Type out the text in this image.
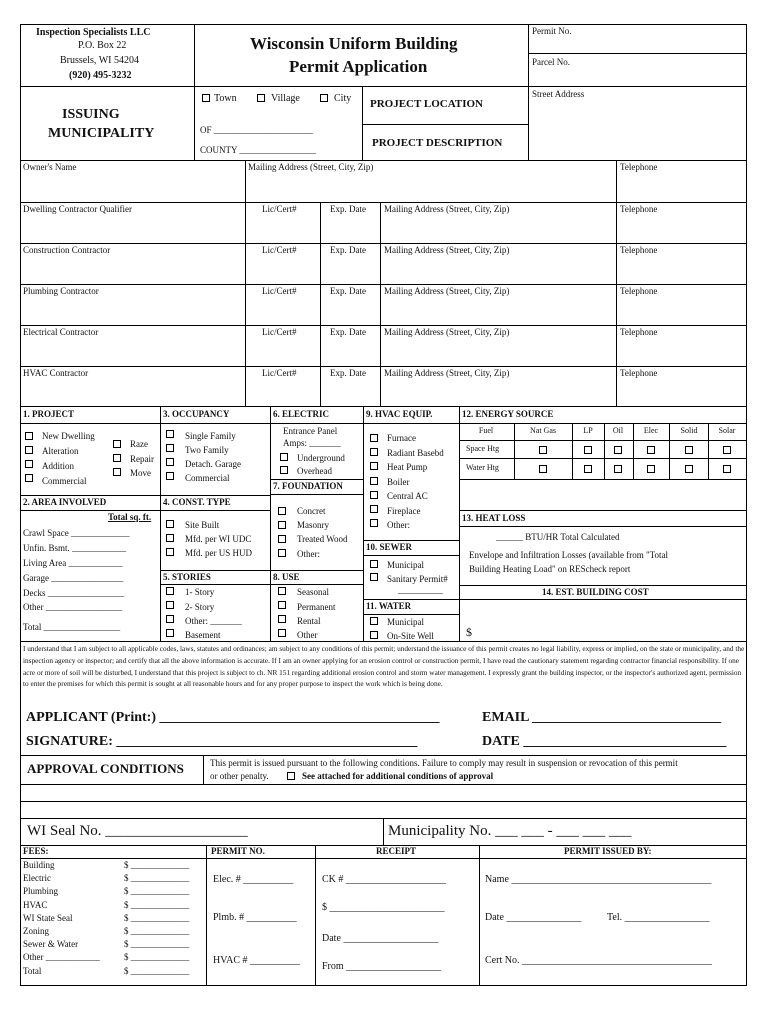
Inspection Specialists LLC
P.O. Box 22
Brussels, WI 54204
(920) 495-3232
Wisconsin Uniform Building
Permit Application
Permit No.
Parcel No.
Street Address
ISSUING
MUNICIPALITY
Town	Village	City
OF ______________________
COUNTY _________________
PROJECT LOCATION
PROJECT DESCRIPTION
Owner's Name	Mailing Address (Street, City, Zip)	Telephone
Dwelling Contractor Qualifier	Lic/Cert#	Exp. Date Mailing Address (Street, City, Zip)	Telephone
Construction Contractor	Lic/Cert#	Exp. Date Mailing Address (Street, City, Zip)	Telephone
Plumbing Contractor	Lic/Cert#	Exp. Date Mailing Address (Street, City, Zip)	Telephone
Electrical Contractor	Lic/Cert#	Exp. Date Mailing Address (Street, City, Zip)	Telephone
HVAC Contractor	Lic/Cert#	Exp. Date Mailing Address (Street, City, Zip)	Telephone
1. PROJECT
New Dwelling
Alteration
Addition
Commercial
Raze
Repair
Move
2. AREA INVOLVED
Total sq. ft.
Crawl Space _____________
Unfin. Bsmt. ____________
Living Area ____________
Garage ________________
Decks _________________
Other _________________
Total _________________
3. OCCUPANCY
Single Family
Two Family
Detach. Garage
Commercial
4. CONST. TYPE
Site Built
Mfd. per WI UDC
Mfd. per US HUD
5. STORIES
1- Story
2- Story
Other: _______
Basement
6. ELECTRIC
Entrance Panel
Amps: _______
Underground
Overhead
7. FOUNDATION
Concret
Masonry
Treated Wood
Other:
8. USE
Seasonal
Permanent
Rental
Other
9. HVAC EQUIP.
Furnace
Radiant Basebd
Heat Pump
Boiler
Central AC
Fireplace
Other:
10. SEWER
Municipal
Sanitary Permit#
__________
11. WATER
Municipal
On-Site Well
12. ENERGY SOURCE
Fuel	Nat Gas	LP	Oil	Elec	Solid	Solar
Space Htg
Water Htg
13. HEAT LOSS
______ BTU/HR Total Calculated
Envelope and Infiltration Losses (available from "Total
Building Heating Load" on REScheck report
14. EST. BUILDING COST
$
I understand that I am subject to all applicable codes, laws, statutes and ordinances; am subject to any conditions of this permit; understand the issuance of this permit creates no legal liability, express or implied, on the state or municipality, and the inspection agency or inspector; and certify that all the above information is accurate. If I am an owner applying for an erosion control or construction permit, I have read the cautionary statement regarding contractor financial responsibility. If one acre or more of soil will be disturbed, I understand that this project is subject to ch. NR 151 regarding additional erosion control and storm water management. I expressly grant the building inspector, or the inspector's authorized agent, permission to enter the premises for which this permit is sought at all reasonable hours and for any proper purpose to inspect the work which is being done.
APPLICANT (Print:) ________________________________________	EMAIL ___________________________
SIGNATURE: ___________________________________________	DATE _____________________________
APPROVAL CONDITIONS	This permit is issued pursuant to the following conditions. Failure to comply may result in suspension or revocation of this permit
or other penalty.	See attached for additional conditions of approval
WI Seal No. ___________________	Municipality No. ___ ___ - ___ ___ ___
FEES:	PERMIT NO.	RECEIPT	PERMIT ISSUED BY:
Building	$ _____________
Electric	$ _____________
Plumbing	$ _____________
HVAC	$ _____________
WI State Seal	$ _____________
Zoning	$ _____________
Sewer & Water	$ _____________
Other ____________	$ _____________
Total	$ _____________
Elec. # __________
Plmb. # __________
HVAC # __________
CK # ____________________
$ _______________________
Date ___________________
From ___________________
Name ________________________________________
Date _______________	Tel. _________________
Cert No. ______________________________________
